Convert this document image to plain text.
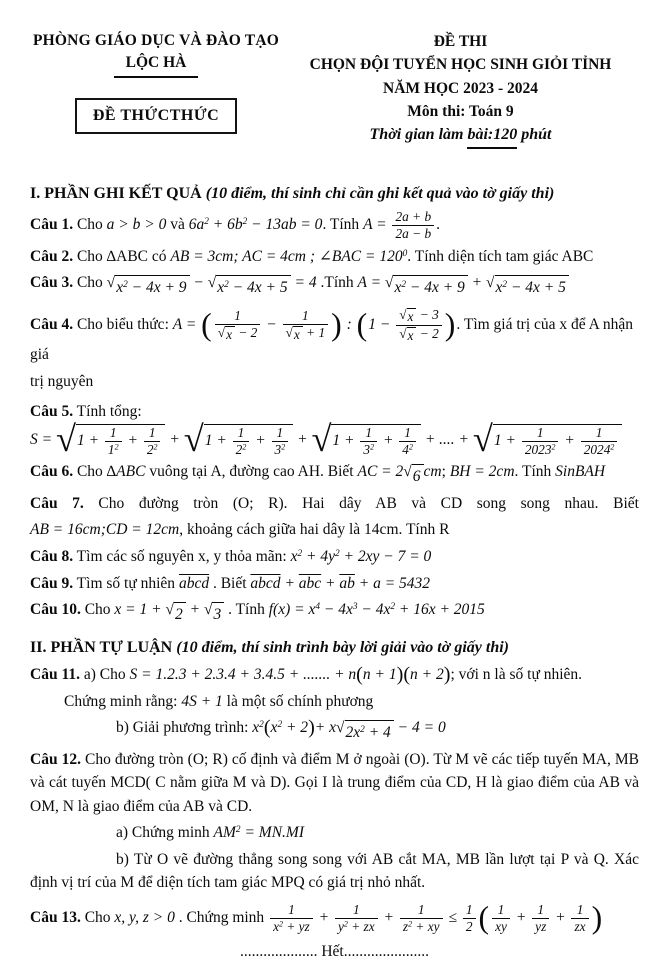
PHÒNG GIÁO DỤC VÀ ĐÀO TẠO
LỘC HÀ
ĐỀ THỨCTHỨC
ĐỀ THI
CHỌN ĐỘI TUYỂN HỌC SINH GIỎI TỈNH
NĂM HỌC 2023 - 2024
Môn thi: Toán 9
Thời gian làm bài:120 phút
I. PHẦN GHI KẾT QUẢ (10 điểm, thí sinh chỉ cần ghi kết quả vào tờ giấy thi)
Câu 1. Cho a > b > 0 và $6a^2 + 6b^2 - 13ab = 0$. Tính $A = \frac{2a + b}{2a - b}$ .
Câu 2. Cho ∆ABC có AB = 3cm; AC = 4cm ; ∠BAC = $120^0$. Tính diện tích tam giác ABC
Câu 3. Cho √ $x^2 - 4x + 9$ − √ $x^2 - 4x + 5 = 4$ .Tính A = √ $x^2 - 4x + 9$ + √ $x^2 - 4x + 5$
Câu 4. Cho biểu thức: A = ( $\frac{1}{√ x - 2} - \frac{1}{√ x + 1}$ ) : ($1 - \frac{√ x - 3}{√ x - 2}$ ). Tìm giá trị của x để A nhận giá
trị nguyên
Câu 5. Tính tổng: S = √ $1 + \frac{1}{1^2} + \frac{1}{2^2}$ + √ $1 + \frac{1}{2^2} + \frac{1}{3^2}$ + √ $1 + \frac{1}{3^2} + \frac{1}{4^2}$ + .... + √ $1 + \frac{1}{2023^2} + \frac{1}{2024^2}$
Câu 6. Cho ∆ABC vuông tại A, đường cao AH. Biết AC = 2 √ 6 cm; BH = 2cm. Tính SinBAH
Câu 7. Cho đường tròn (O; R). Hai dây AB và CD song song nhau. Biết
AB = 16cm;CD = 12cm, khoảng cách giữa hai dây là 14cm. Tính R
Câu 8. Tìm các số nguyên x, y thỏa mãn: $x^2 + 4y^2 + 2xy - 7 = 0$
Câu 9. Tìm số tự nhiên abcd . Biết abcd + $\overline{abc} + \overline{ab} + a = 5432$
Câu 10. Cho x = 1 + √ 2 + √ 3 . Tính $f(x) = x^4 - 4x^3 - 4x^2 + 16x + 2015$
II. PHẦN TỰ LUẬN (10 điểm, thí sinh trình bày lời giải vào tờ giấy thi)
Câu 11. a) Cho S = 1.2.3 + 2.3.4 + 3.4.5 + ....... + n(n + 1)(n + 2); với n là số tự nhiên.
Chứng minh rằng: 4S + 1 là một số chính phương
b) Giải phương trình: $x^2(x^2 + 2)+ x$ √ $2x^2 + 4 - 4 = 0$
Câu 12. Cho đường tròn (O; R) cố định và điểm M ở ngoài (O). Từ M vẽ các tiếp tuyến MA, MB và cát tuyến MCD( C nằm giữa M và D). Gọi I là trung điểm của CD, H là giao điểm của AB và OM, N là giao điểm của AB và CD.
a) Chứng minh $AM^2 = MN.MI$
b) Từ O vẽ đường thẳng song song với AB cắt MA, MB lần lượt tại P và Q. Xác định vị trí của M để diện tích tam giác MPQ có giá trị nhỏ nhất.
Câu 13. Cho x, y, z > 0 . Chứng minh $\frac{1}{x^2 + yz} + \frac{1}{y^2 + zx} + \frac{1}{z^2 + xy} \le \frac{1}{2}$ ( $\frac{1}{xy} + \frac{1}{yz} + \frac{1}{zx}$ )
.................... Hết......................
